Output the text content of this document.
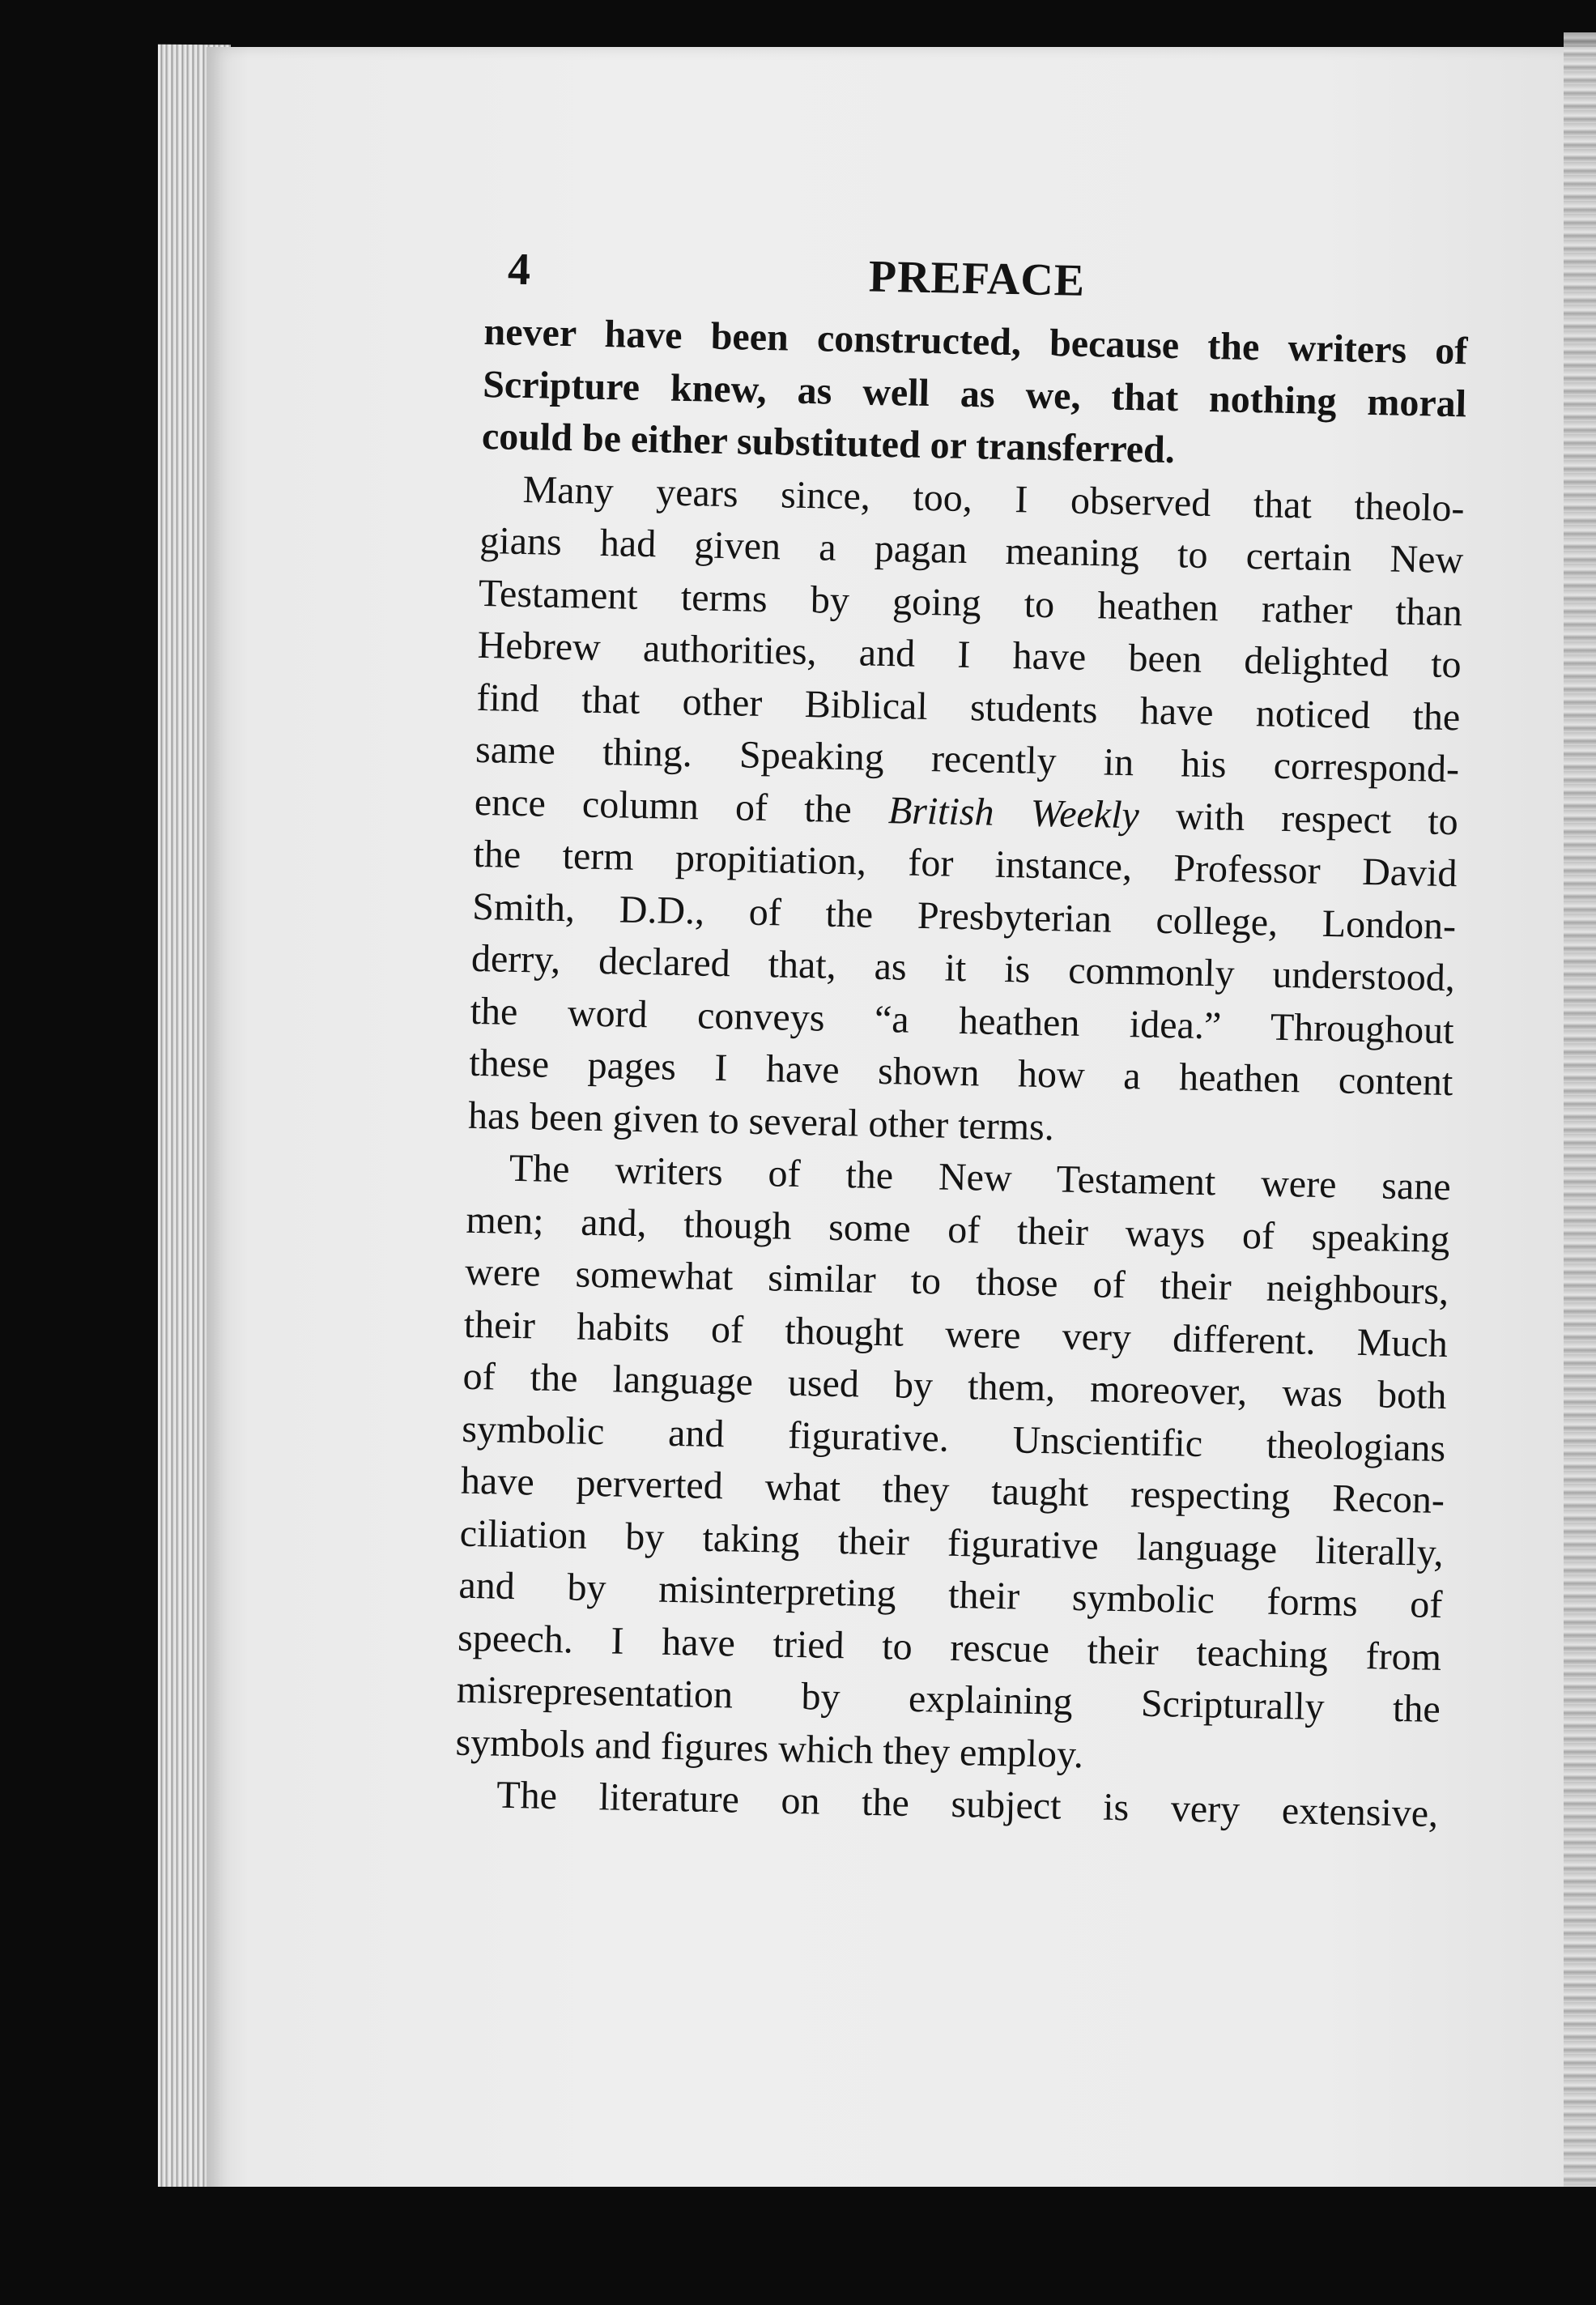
4	PREFACE
never have been constructed, because the writers of
Scripture knew, as well as we, that nothing moral
could be either substituted or transferred.
Many years since, too, I observed that theolo-
gians had given a pagan meaning to certain New
Testament terms by going to heathen rather than
Hebrew authorities, and I have been delighted to
find that other Biblical students have noticed the
same thing. Speaking recently in his correspond-
ence column of the British Weekly with respect to
the term propitiation, for instance, Professor David
Smith, D.D., of the Presbyterian college, London-
derry, declared that, as it is commonly understood,
the word conveys “a heathen idea.” Throughout
these pages I have shown how a heathen content
has been given to several other terms.
The writers of the New Testament were sane
men; and, though some of their ways of speaking
were somewhat similar to those of their neighbours,
their habits of thought were very different. Much
of the language used by them, moreover, was both
symbolic and figurative. Unscientific theologians
have perverted what they taught respecting Recon-
ciliation by taking their figurative language literally,
and by misinterpreting their symbolic forms of
speech. I have tried to rescue their teaching from
misrepresentation by explaining Scripturally the
symbols and figures which they employ.
The literature on the subject is very extensive,
